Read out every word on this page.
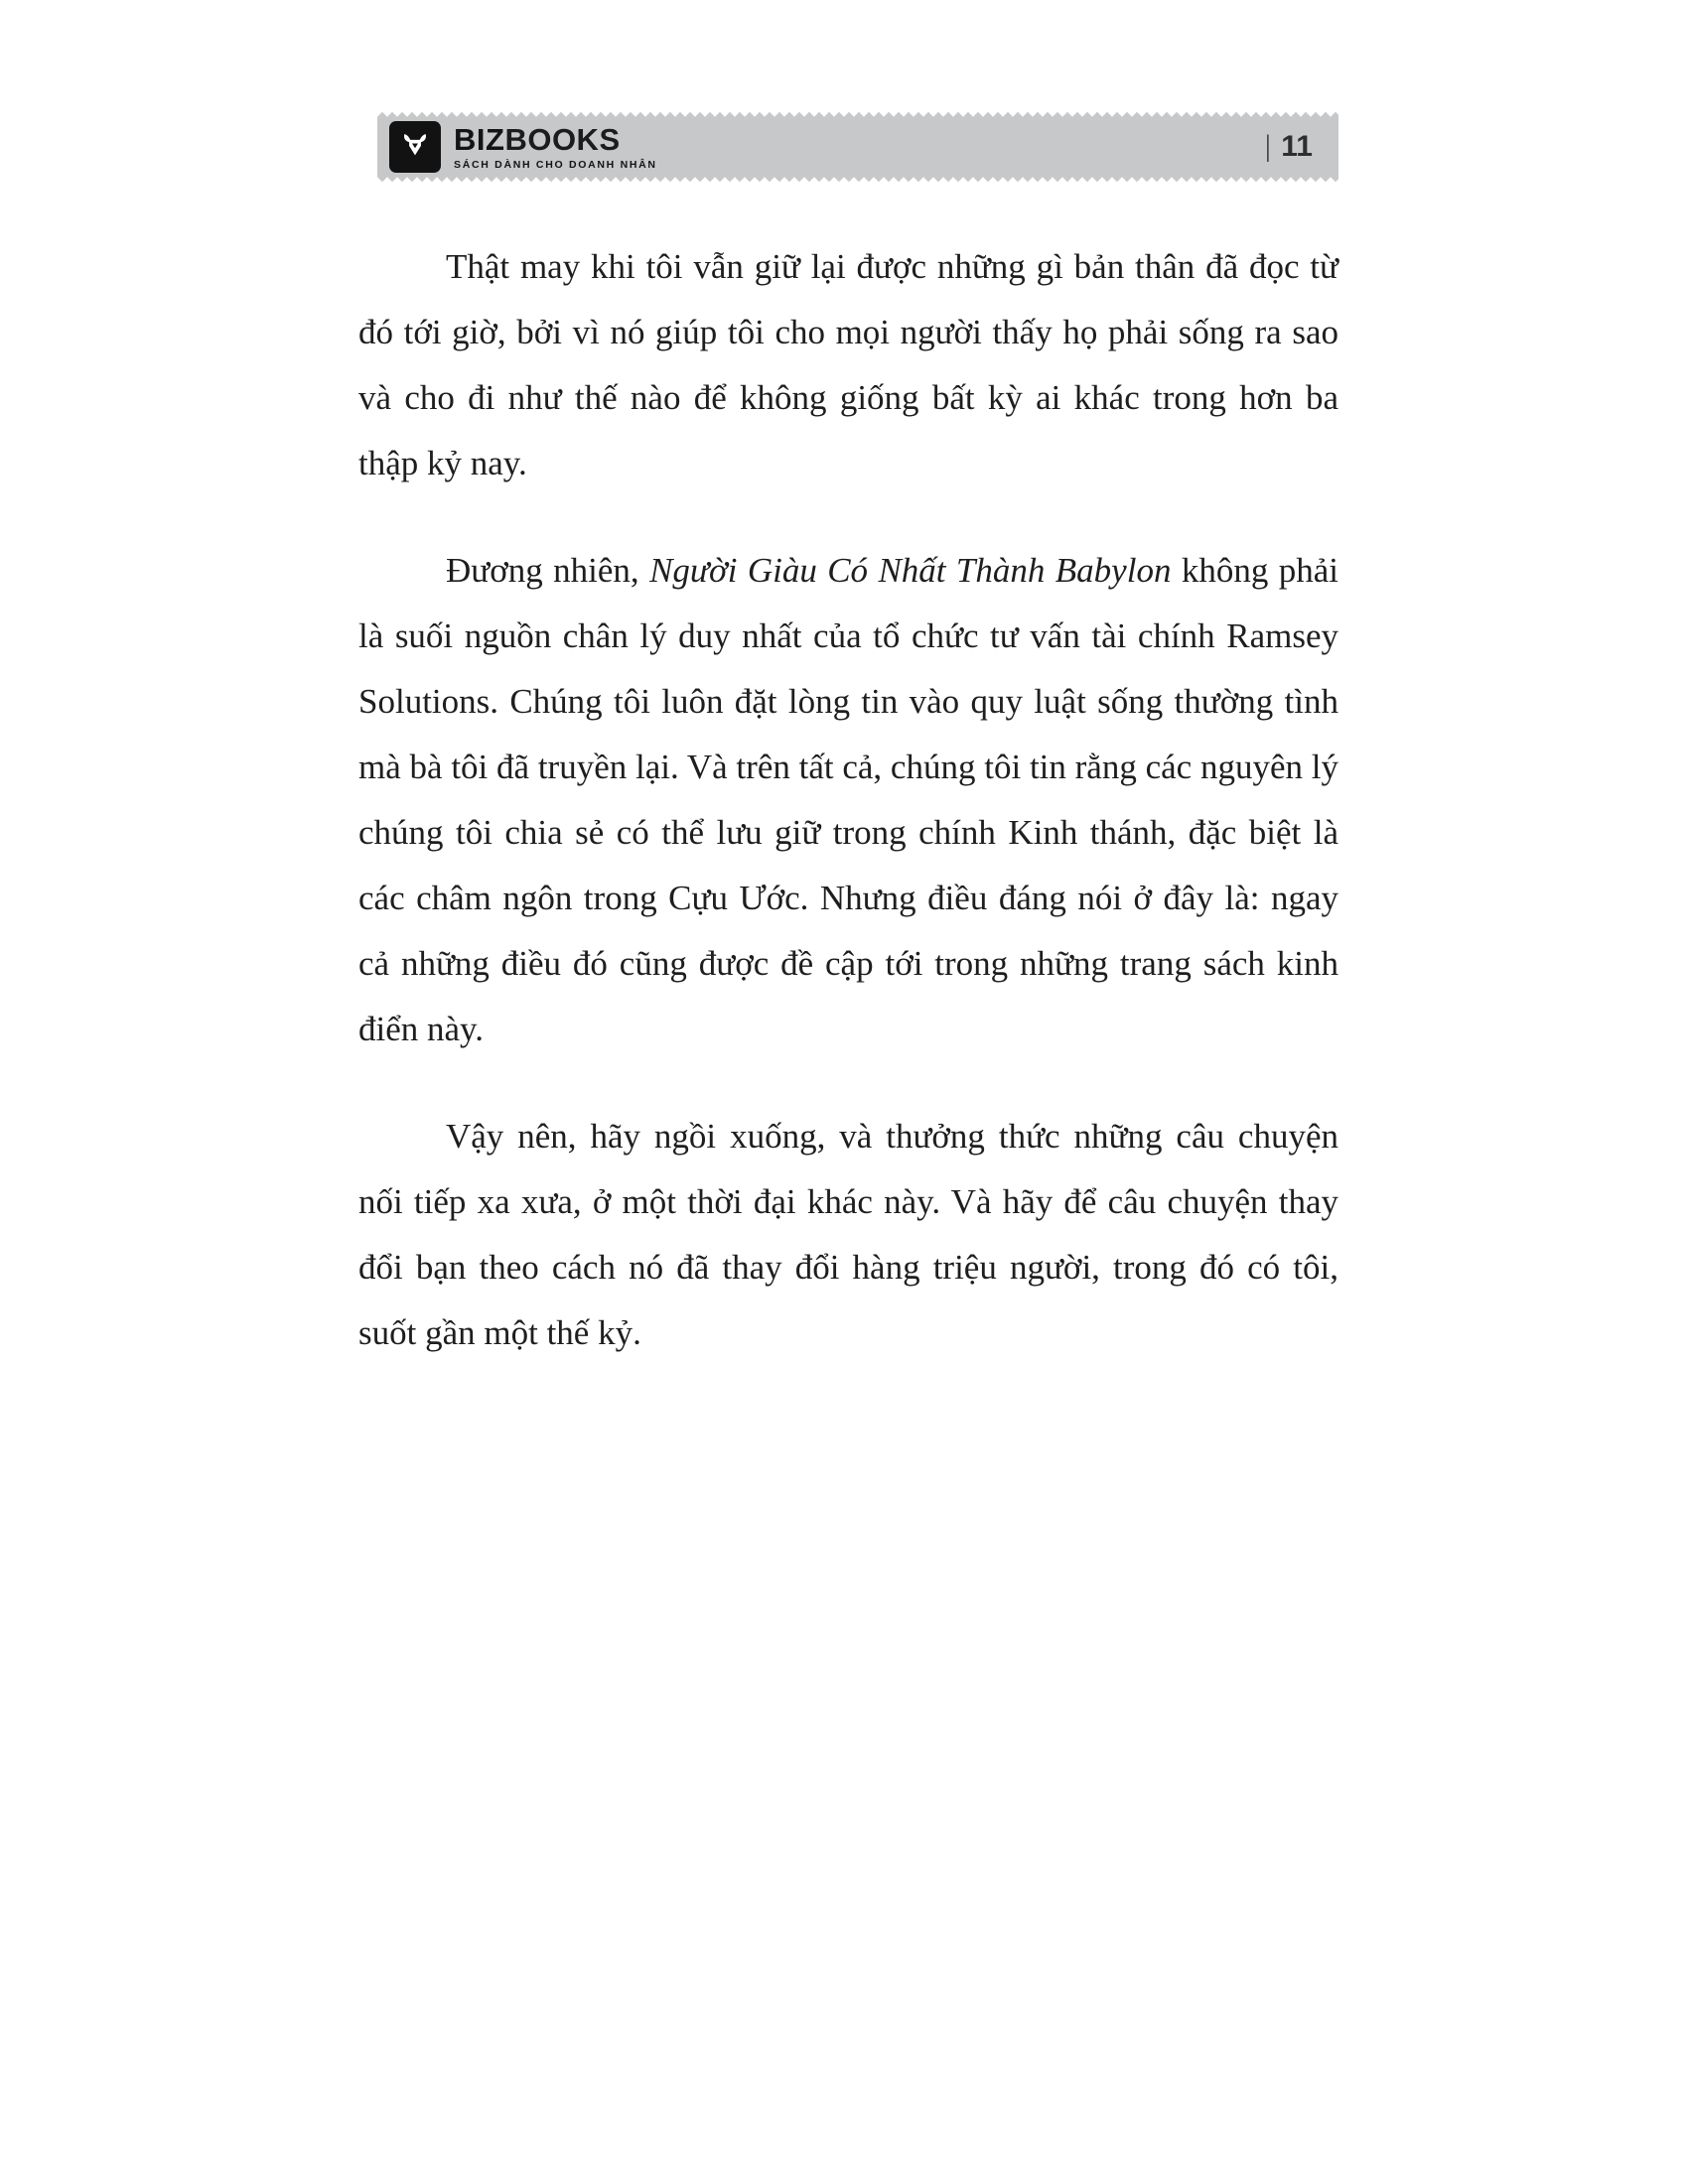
BIZBOOKS
SÁCH DÀNH CHO DOANH NHÂN
| 11

Thật may khi tôi vẫn giữ lại được những gì bản thân đã đọc từ đó tới giờ, bởi vì nó giúp tôi cho mọi người thấy họ phải sống ra sao và cho đi như thế nào để không giống bất kỳ ai khác trong hơn ba thập kỷ nay.

Đương nhiên, Người Giàu Có Nhất Thành Babylon không phải là suối nguồn chân lý duy nhất của tổ chức tư vấn tài chính Ramsey Solutions. Chúng tôi luôn đặt lòng tin vào quy luật sống thường tình mà bà tôi đã truyền lại. Và trên tất cả, chúng tôi tin rằng các nguyên lý chúng tôi chia sẻ có thể lưu giữ trong chính Kinh thánh, đặc biệt là các châm ngôn trong Cựu Ước. Nhưng điều đáng nói ở đây là: ngay cả những điều đó cũng được đề cập tới trong những trang sách kinh điển này.

Vậy nên, hãy ngồi xuống, và thưởng thức những câu chuyện nối tiếp xa xưa, ở một thời đại khác này. Và hãy để câu chuyện thay đổi bạn theo cách nó đã thay đổi hàng triệu người, trong đó có tôi, suốt gần một thế kỷ.
